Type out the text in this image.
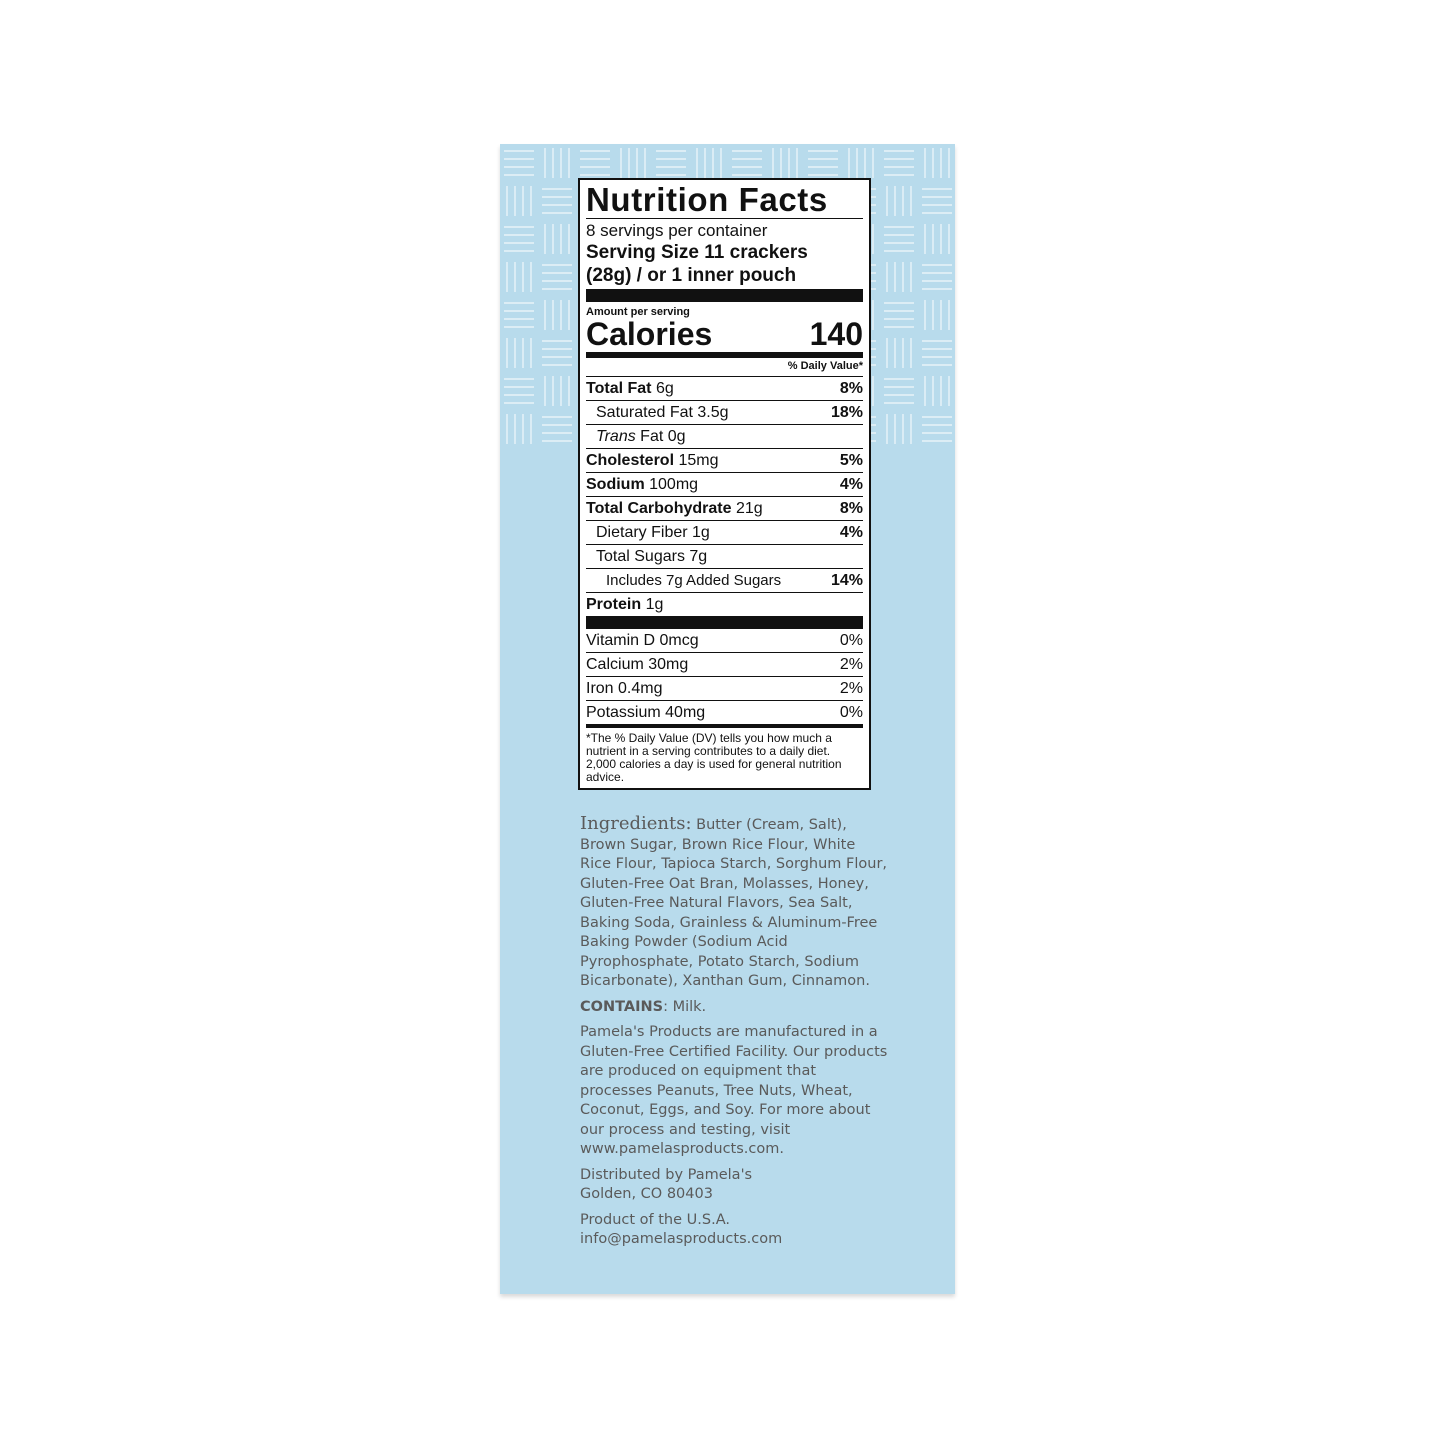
Nutrition Facts
8 servings per container
Serving Size 11 crackers
(28g) / or 1 inner pouch
Amount per serving
Calories	140
% Daily Value*
Total Fat 6g	8%
Saturated Fat 3.5g	18%
Trans Fat 0g
Cholesterol 15mg	5%
Sodium 100mg	4%
Total Carbohydrate 21g	8%
Dietary Fiber 1g	4%
Total Sugars 7g
Includes 7g Added Sugars	14%
Protein 1g
Vitamin D 0mcg	0%
Calcium 30mg	2%
Iron 0.4mg	2%
Potassium 40mg	0%
*The % Daily Value (DV) tells you how much a nutrient in a serving contributes to a daily diet. 2,000 calories a day is used for general nutrition advice.

Ingredients: Butter (Cream, Salt), Brown Sugar, Brown Rice Flour, White Rice Flour, Tapioca Starch, Sorghum Flour, Gluten-Free Oat Bran, Molasses, Honey, Gluten-Free Natural Flavors, Sea Salt, Baking Soda, Grainless & Aluminum-Free Baking Powder (Sodium Acid Pyrophosphate, Potato Starch, Sodium Bicarbonate), Xanthan Gum, Cinnamon.

CONTAINS: Milk.

Pamela's Products are manufactured in a Gluten-Free Certified Facility. Our products are produced on equipment that processes Peanuts, Tree Nuts, Wheat, Coconut, Eggs, and Soy. For more about our process and testing, visit www.pamelasproducts.com.

Distributed by Pamela's
Golden, CO 80403

Product of the U.S.A.
info@pamelasproducts.com
